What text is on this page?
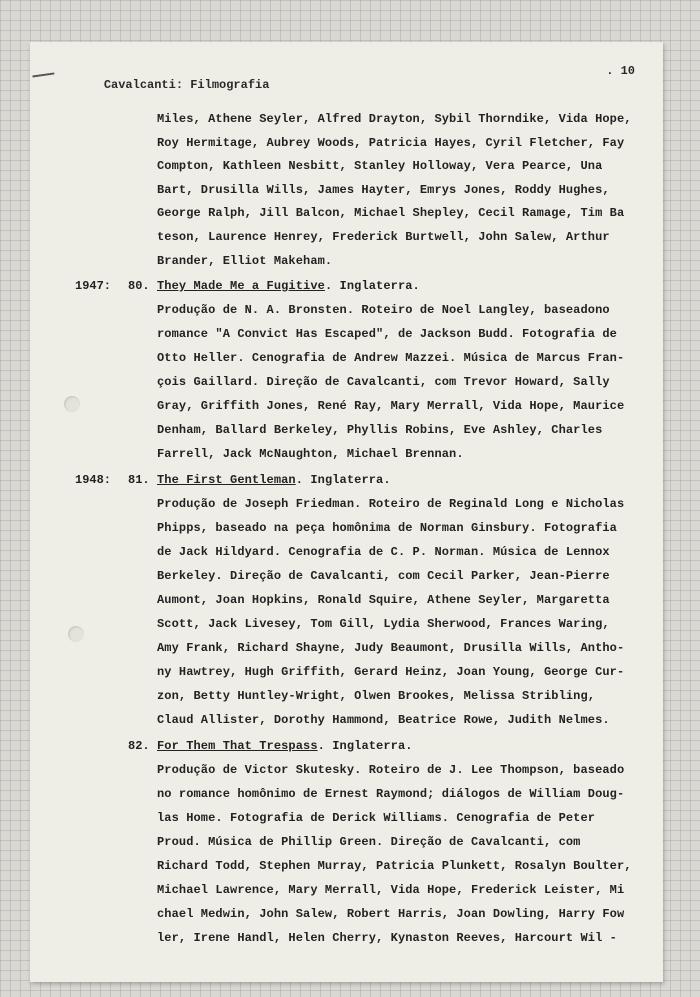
Cavalcanti: Filmografia

. 10

Miles, Athene Seyler, Alfred Drayton, Sybil Thorndike, Vida Hope,
Roy Hermitage, Aubrey Woods, Patricia Hayes, Cyril Fletcher, Fay
Compton, Kathleen Nesbitt, Stanley Holloway, Vera Pearce, Una
Bart, Drusilla Wills, James Hayter, Emrys Jones, Roddy Hughes,
George Ralph, Jill Balcon, Michael Shepley, Cecil Ramage, Tim Ba
teson, Laurence Henrey, Frederick Burtwell, John Salew, Arthur
Brander, Elliot Makeham.
1947: 80. They Made Me a Fugitive. Inglaterra.
Produção de N. A. Bronsten. Roteiro de Noel Langley, baseadono
romance "A Convict Has Escaped", de Jackson Budd. Fotografia de
Otto Heller. Cenografia de Andrew Mazzei. Música de Marcus Fran-
çois Gaillard. Direção de Cavalcanti, com Trevor Howard, Sally
Gray, Griffith Jones, René Ray, Mary Merrall, Vida Hope, Maurice
Denham, Ballard Berkeley, Phyllis Robins, Eve Ashley, Charles
Farrell, Jack McNaughton, Michael Brennan.
1948: 81. The First Gentleman. Inglaterra.
Produção de Joseph Friedman. Roteiro de Reginald Long e Nicholas
Phipps, baseado na peça homônima de Norman Ginsbury. Fotografia
de Jack Hildyard. Cenografia de C. P. Norman. Música de Lennox
Berkeley. Direção de Cavalcanti, com Cecil Parker, Jean-Pierre
Aumont, Joan Hopkins, Ronald Squire, Athene Seyler, Margaretta
Scott, Jack Livesey, Tom Gill, Lydia Sherwood, Frances Waring,
Amy Frank, Richard Shayne, Judy Beaumont, Drusilla Wills, Antho-
ny Hawtrey, Hugh Griffith, Gerard Heinz, Joan Young, George Cur-
zon, Betty Huntley-Wright, Olwen Brookes, Melissa Stribling,
Claud Allister, Dorothy Hammond, Beatrice Rowe, Judith Nelmes.
82. For Them That Trespass. Inglaterra.
Produção de Victor Skutesky. Roteiro de J. Lee Thompson, baseado
no romance homônimo de Ernest Raymond; diálogos de William Doug-
las Home. Fotografia de Derick Williams. Cenografia de Peter
Proud. Música de Phillip Green. Direção de Cavalcanti, com
Richard Todd, Stephen Murray, Patricia Plunkett, Rosalyn Boulter,
Michael Lawrence, Mary Merrall, Vida Hope, Frederick Leister, Mi
chael Medwin, John Salew, Robert Harris, Joan Dowling, Harry Fow
ler, Irene Handl, Helen Cherry, Kynaston Reeves, Harcourt Wil -
